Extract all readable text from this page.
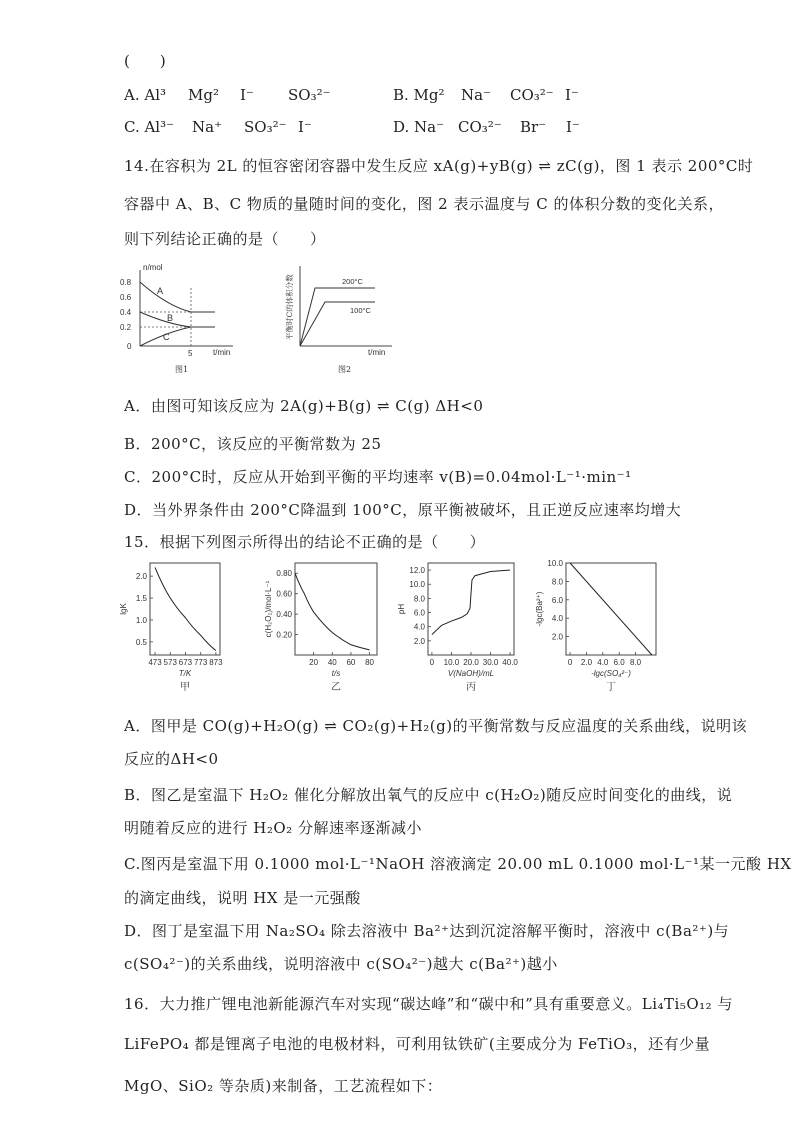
(　　)
A. Al³ Mg² I⁻ SO₃²⁻	B. Mg² Na⁻ CO₃²⁻ I⁻
C. Al³⁻ Na⁺ SO₃²⁻ I⁻	D. Na⁻ CO₃²⁻ Br⁻ I⁻
14.在容积为 2L 的恒容密闭容器中发生反应 xA(g)+yB(g) ⇌ zC(g)，图 1 表示 200°C时
容器中 A、B、C 物质的量随时间的变化，图 2 表示温度与 C 的体积分数的变化关系，
则下列结论正确的是（　　）
n/mol
0.8
0.6
0.4
0.2
0
A
B
C
5	t/min
图1
平衡时C的体积分数	200°C
100°C
t/min
图2
A．由图可知该反应为 2A(g)+B(g) ⇌ C(g) ΔH<0
B．200°C，该反应的平衡常数为 25
C．200°C时，反应从开始到平衡的平均速率 v(B)=0.04mol·L⁻¹·min⁻¹
D．当外界条件由 200°C降温到 100°C，原平衡被破坏，且正逆反应速率均增大
15．根据下列图示所得出的结论不正确的是（　　）
2.0
1.5
1.0
0.5
473 573 673 773 873
T/K
lgK
甲
0.80
0.60
0.40
0.20
20 40 60 80
t/s
c(H₂O₂)/mol·L⁻¹
乙
12.0
10.0
8.0
6.0
4.0
2.0
0 10.0 20.0 30.0 40.0
V(NaOH)/mL
pH
丙
10.0
8.0
6.0
4.0
2.0
0 2.0 4.0 6.0 8.0
-lgc(SO₄²⁻)
-lgc(Ba²⁺)
丁
A．图甲是 CO(g)+H₂O(g) ⇌ CO₂(g)+H₂(g)的平衡常数与反应温度的关系曲线，说明该
反应的ΔH<0
B．图乙是室温下 H₂O₂ 催化分解放出氧气的反应中 c(H₂O₂)随反应时间变化的曲线，说
明随着反应的进行 H₂O₂ 分解速率逐渐减小
C.图丙是室温下用 0.1000 mol·L⁻¹NaOH 溶液滴定 20.00 mL 0.1000 mol·L⁻¹某一元酸 HX
的滴定曲线，说明 HX 是一元强酸
D．图丁是室温下用 Na₂SO₄ 除去溶液中 Ba²⁺达到沉淀溶解平衡时，溶液中 c(Ba²⁺)与
c(SO₄²⁻)的关系曲线，说明溶液中 c(SO₄²⁻)越大 c(Ba²⁺)越小
16．大力推广锂电池新能源汽车对实现“碳达峰”和“碳中和”具有重要意义。Li₄Ti₅O₁₂ 与
LiFePO₄ 都是锂离子电池的电极材料，可利用钛铁矿(主要成分为 FeTiO₃，还有少量
MgO、SiO₂ 等杂质)来制备，工艺流程如下：
